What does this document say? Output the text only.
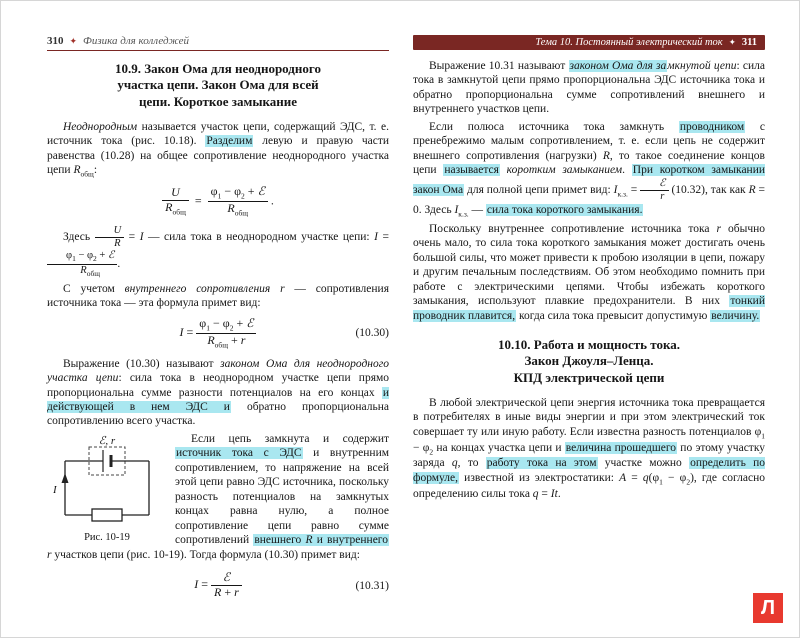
310 ✦ Физика для колледжей
10.9. Закон Ома для неоднородного
участка цепи. Закон Ома для всей
цепи. Короткое замыкание

Неоднородным называется участок цепи, содержащий ЭДС, т. е. источник тока (рис. 10.18). Разделим левую и правую части равенства (10.28) на общее сопротивление неоднородного участка цепи $R_{общ}$:

$\frac{U}{R_{общ}} = \frac{\varphi_1 - \varphi_2 + ℰ}{R_{общ}}$ .

Здесь $\frac{U}{R} = I$ — сила тока в неоднородном участке цепи: I =
$\frac{\varphi_1 - \varphi_2 + ℰ}{R_{общ}}$ .

С учетом внутреннего сопротивления r — сопротивления источника тока — эта формула примет вид:

$I = \frac{\varphi_1 - \varphi_2 + ℰ}{R_{общ} + r}$	(10.30)

Выражение (10.30) называют законом Ома для неоднородного участка цепи: сила тока в неоднородном участке цепи прямо пропорциональна сумме разности потенциалов на его концах и действующей в нем ЭДС и обратно пропорциональна сопротивлению всего участка.

ℰ, r
I
Рис. 10-19

Если цепь замкнута и содержит источник тока с ЭДС и внутренним сопротивлением, то напряжение на всей этой цепи равно ЭДС источника, поскольку разность потенциалов на замкнутых концах равна нулю, а полное сопротивление цепи равно сумме сопротивлений внешнего R и внутреннего r участков цепи (рис. 10-19). Тогда формула (10.30) примет вид:

$I = \frac{\text{ℰ}}{R + r}$	(10.31)
Тема 10. Постоянный электрический ток ✦ 311

Выражение 10.31 называют законом Ома для замкнутой цепи: сила тока в замкнутой цепи прямо пропорциональна ЭДС источника тока и обратно пропорциональна сумме сопротивлений внешнего и внутреннего участков цепи.

Если полюса источника тока замкнуть проводником с пренебрежимо малым сопротивлением, т. е. если цепь не содержит внешнего сопротивления (нагрузки) R, то такое соединение концов цепи называется коротким замыканием. При коротком замыкании закон Ома для полной цепи примет вид: $I_{к.з.} = \frac{\text{ℰ}}{r} (10.32)$, так как R = 0. Здесь $I_{к.з.}$ — сила тока короткого замыкания.

Поскольку внутреннее сопротивление источника тока r обычно очень мало, то сила тока короткого замыкания может достигать очень большой силы, что может привести к пробою изоляции в цепи, пожару и другим печальным последствиям. Об этом необходимо помнить при работе с электрическими цепями. Чтобы избежать короткого замыкания, используют плавкие предохранители. В них тонкий проводник плавится, когда сила тока превысит допустимую величину.

10.10. Работа и мощность тока.
Закон Джоуля–Ленца.
КПД электрической цепи

В любой электрической цепи энергия источника тока превращается в потребителях в иные виды энергии и при этом электрический ток совершает ту или иную работу. Если известна разность потенциалов $\varphi_1 - \varphi_2$ на концах участка цепи и величина прошедшего по этому участку заряда q, то работу тока на этом участке можно определить по формуле, известной из электростатики: $A = q(\varphi_1 - \varphi_2)$, где согласно определению силы тока q = It.

Л
